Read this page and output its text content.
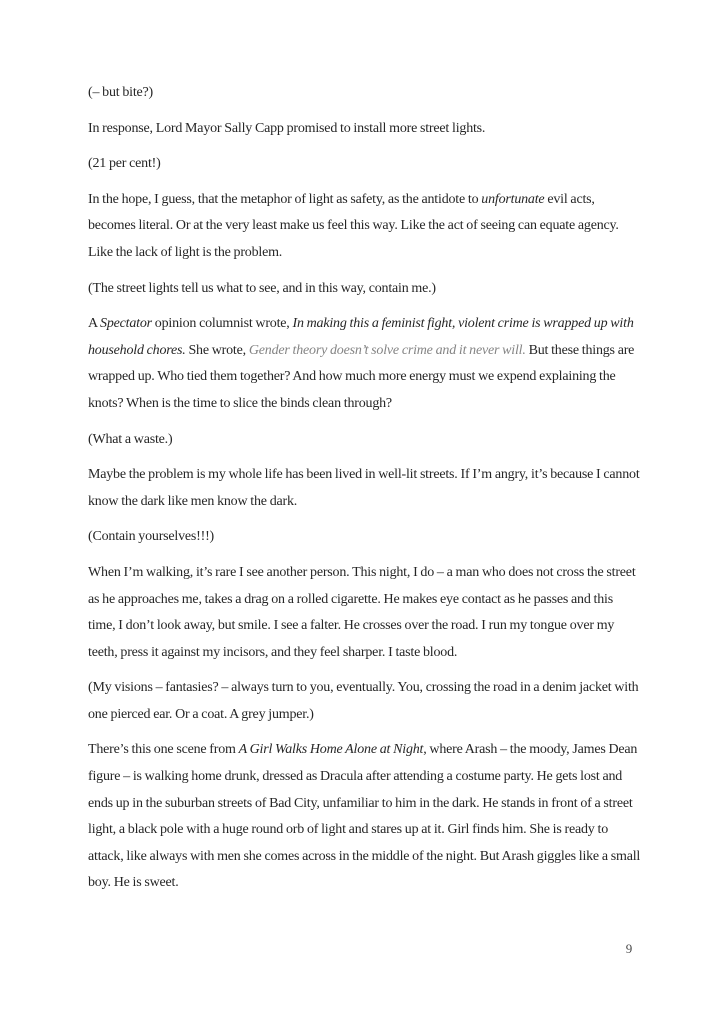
(– but bite?)

In response, Lord Mayor Sally Capp promised to install more street lights.

(21 per cent!)

In the hope, I guess, that the metaphor of light as safety, as the antidote to unfortunate evil acts, becomes literal. Or at the very least make us feel this way. Like the act of seeing can equate agency. Like the lack of light is the problem.

(The street lights tell us what to see, and in this way, contain me.)

A Spectator opinion columnist wrote, In making this a feminist fight, violent crime is wrapped up with household chores. She wrote, Gender theory doesn’t solve crime and it never will. But these things are wrapped up. Who tied them together? And how much more energy must we expend explaining the knots? When is the time to slice the binds clean through?

(What a waste.)

Maybe the problem is my whole life has been lived in well-lit streets. If I’m angry, it’s because I cannot know the dark like men know the dark.

(Contain yourselves!!!)

When I’m walking, it’s rare I see another person. This night, I do – a man who does not cross the street as he approaches me, takes a drag on a rolled cigarette. He makes eye contact as he passes and this time, I don’t look away, but smile. I see a falter. He crosses over the road. I run my tongue over my teeth, press it against my incisors, and they feel sharper. I taste blood.

(My visions – fantasies? – always turn to you, eventually. You, crossing the road in a denim jacket with one pierced ear. Or a coat. A grey jumper.)

There’s this one scene from A Girl Walks Home Alone at Night, where Arash – the moody, James Dean figure – is walking home drunk, dressed as Dracula after attending a costume party. He gets lost and ends up in the suburban streets of Bad City, unfamiliar to him in the dark. He stands in front of a street light, a black pole with a huge round orb of light and stares up at it. Girl finds him. She is ready to attack, like always with men she comes across in the middle of the night. But Arash giggles like a small boy. He is sweet.

9
